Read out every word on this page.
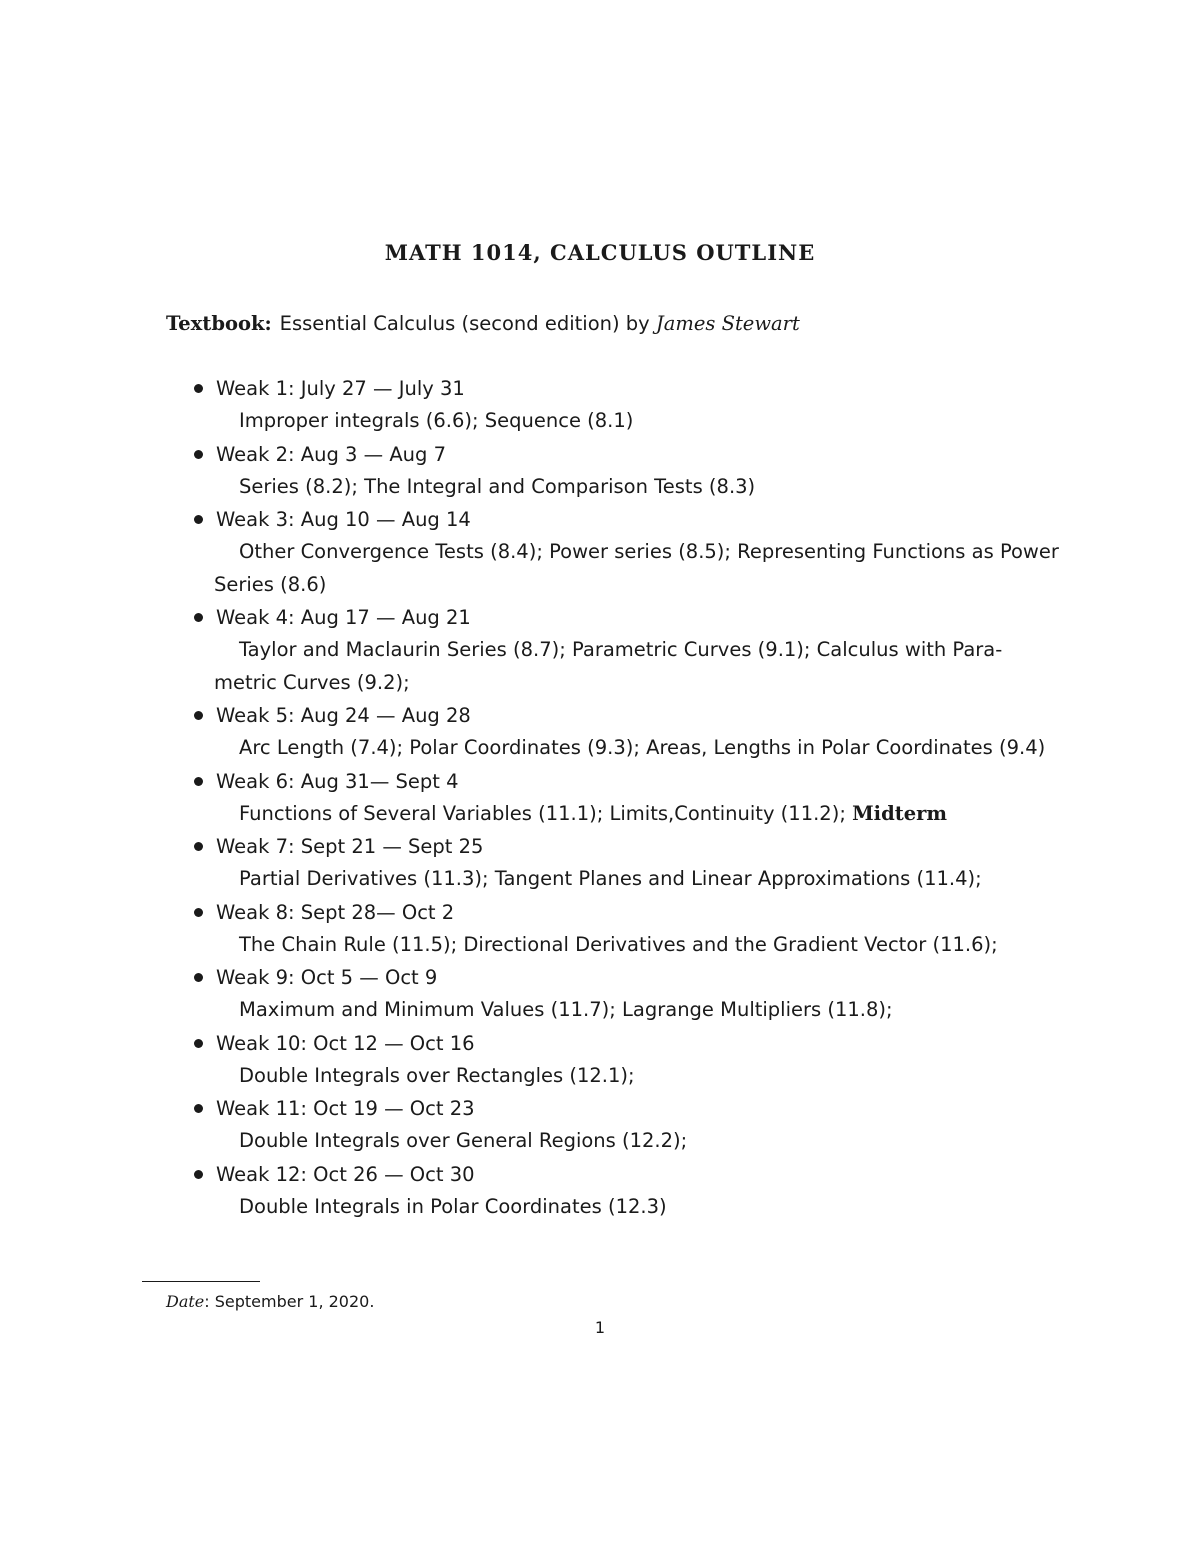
MATH 1014, CALCULUS OUTLINE

Textbook: Essential Calculus (second edition) by James Stewart

Weak 1: July 27 — July 31
Improper integrals (6.6); Sequence (8.1)
Weak 2: Aug 3 — Aug 7
Series (8.2); The Integral and Comparison Tests (8.3)
Weak 3: Aug 10 — Aug 14
Other Convergence Tests (8.4); Power series (8.5); Representing Functions as Power Series (8.6)
Weak 4: Aug 17 — Aug 21
Taylor and Maclaurin Series (8.7); Parametric Curves (9.1); Calculus with Para-metric Curves (9.2);
Weak 5: Aug 24 — Aug 28
Arc Length (7.4); Polar Coordinates (9.3); Areas, Lengths in Polar Coordinates (9.4)
Weak 6: Aug 31— Sept 4
Functions of Several Variables (11.1); Limits,Continuity (11.2); Midterm
Weak 7: Sept 21 — Sept 25
Partial Derivatives (11.3); Tangent Planes and Linear Approximations (11.4);
Weak 8: Sept 28— Oct 2
The Chain Rule (11.5); Directional Derivatives and the Gradient Vector (11.6);
Weak 9: Oct 5 — Oct 9
Maximum and Minimum Values (11.7); Lagrange Multipliers (11.8);
Weak 10: Oct 12 — Oct 16
Double Integrals over Rectangles (12.1);
Weak 11: Oct 19 — Oct 23
Double Integrals over General Regions (12.2);
Weak 12: Oct 26 — Oct 30
Double Integrals in Polar Coordinates (12.3)
Date: September 1, 2020.
1
